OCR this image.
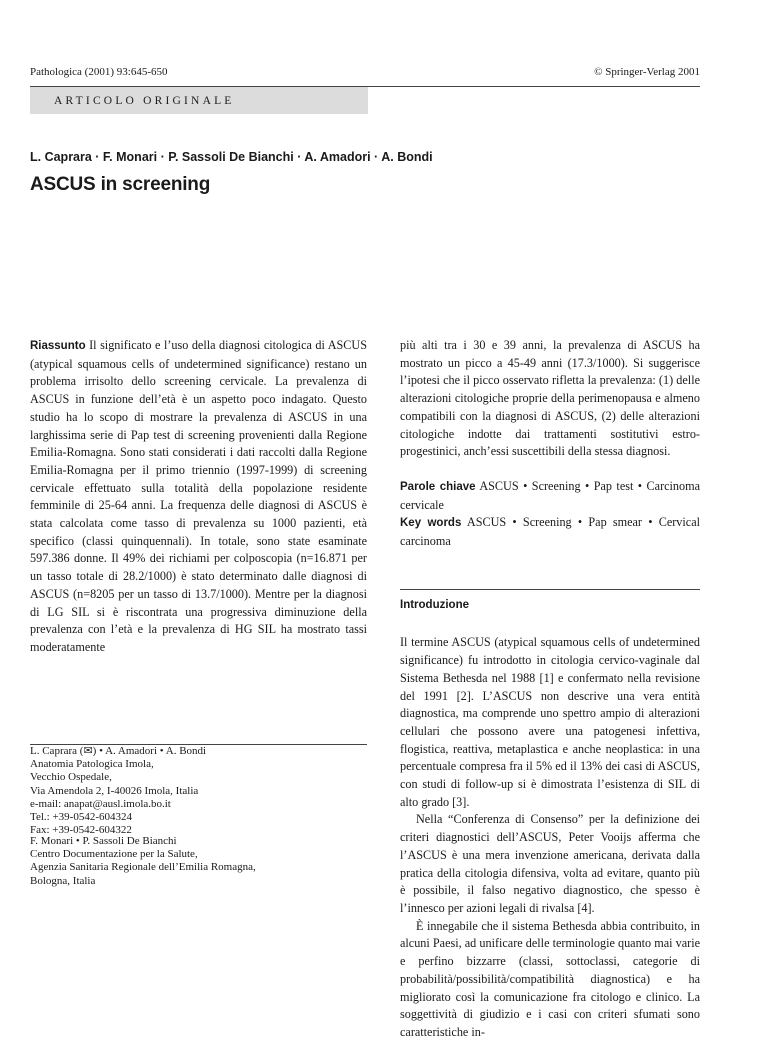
Pathologica (2001) 93:645-650	© Springer-Verlag 2001
ARTICOLO ORIGINALE
L. Caprara · F. Monari · P. Sassoli De Bianchi · A. Amadori · A. Bondi
ASCUS in screening

Riassunto Il significato e l’uso della diagnosi citologica di ASCUS (atypical squamous cells of undetermined significance) restano un problema irrisolto dello screening cervicale. La prevalenza di ASCUS in funzione dell’età è un aspetto poco indagato. Questo studio ha lo scopo di mostrare la prevalenza di ASCUS in una larghissima serie di Pap test di screening provenienti dalla Regione Emilia-Romagna. Sono stati considerati i dati raccolti dalla Regione Emilia-Romagna per il primo triennio (1997-1999) di screening cervicale effettuato sulla totalità della popolazione residente femminile di 25-64 anni. La frequenza delle diagnosi di ASCUS è stata calcolata come tasso di prevalenza su 1000 pazienti, età specifico (classi quinquennali). In totale, sono state esaminate 597.386 donne. Il 49% dei richiami per colposcopia (n=16.871 per un tasso totale di 28.2/1000) è stato determinato dalle diagnosi di ASCUS (n=8205 per un tasso di 13.7/1000). Mentre per la diagnosi di LG SIL si è riscontrata una progressiva diminuzione della prevalenza con l’età e la prevalenza di HG SIL ha mostrato tassi moderatamente

più alti tra i 30 e 39 anni, la prevalenza di ASCUS ha mostrato un picco a 45-49 anni (17.3/1000). Si suggerisce l’ipotesi che il picco osservato rifletta la prevalenza: (1) delle alterazioni citologiche proprie della perimenopausa e almeno compatibili con la diagnosi di ASCUS, (2) delle alterazioni citologiche indotte dai trattamenti sostitutivi estro-progestinici, anch’essi suscettibili della stessa diagnosi.

Parole chiave ASCUS • Screening • Pap test • Carcinoma cervicale

Key words ASCUS • Screening • Pap smear • Cervical carcinoma

Introduzione

Il termine ASCUS (atypical squamous cells of undetermined significance) fu introdotto in citologia cervico-vaginale dal Sistema Bethesda nel 1988 [1] e confermato nella revisione del 1991 [2]. L’ASCUS non descrive una vera entità diagnostica, ma comprende uno spettro ampio di alterazioni cellulari che possono avere una patogenesi infettiva, flogistica, reattiva, metaplastica e anche neoplastica: in una percentuale compresa fra il 5% ed il 13% dei casi di ASCUS, con studi di follow-up si è dimostrata l’esistenza di SIL di alto grado [3].

Nella “Conferenza di Consenso” per la definizione dei criteri diagnostici dell’ASCUS, Peter Vooijs afferma che l’ASCUS è una mera invenzione americana, derivata dalla pratica della citologia difensiva, volta ad evitare, quanto più è possibile, il falso negativo diagnostico, che spesso è l’innesco per azioni legali di rivalsa [4].

È innegabile che il sistema Bethesda abbia contribuito, in alcuni Paesi, ad unificare delle terminologie quanto mai varie e perfino bizzarre (classi, sottoclassi, categorie di probabilità/possibilità/compatibilità diagnostica) e ha migliorato così la comunicazione fra citologo e clinico. La soggettività di giudizio e i casi con criteri sfumati sono caratteristiche in-

L. Caprara (✉) • A. Amadori • A. Bondi
Anatomia Patologica Imola,
Vecchio Ospedale,
Via Amendola 2, I-40026 Imola, Italia
e-mail: anapat@ausl.imola.bo.it
Tel.: +39-0542-604324
Fax: +39-0542-604322
F. Monari • P. Sassoli De Bianchi
Centro Documentazione per la Salute,
Agenzia Sanitaria Regionale dell’Emilia Romagna,
Bologna, Italia
